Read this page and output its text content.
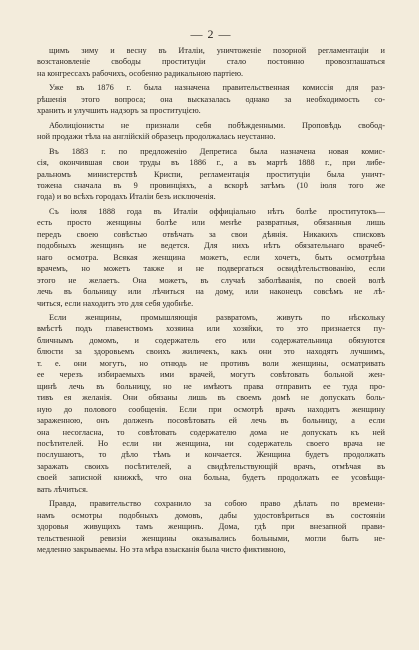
— 2 —
щимъ зиму и весну въ Италіи, уничтоженіе позорной регламентаціи и
возстановленіе свободы проституціи стало постоянно провозглашаться
на конгрессахъ рабочихъ, особенно радикальною партіею.
Уже въ 1876 г. была назначена правительственная комиссія для раз-
рѣшенія этого вопроса; она высказалась однако за необходимость со-
хранить и улучшить надзоръ за проституцією.
Аболиціонисты не признали себя побѣжденными. Проповѣдь свобод-
ной продажи тѣла на англійскій образецъ продолжалась неустанно.
Въ 1883 г. по предложенію Депретиса была назначена новая комис-
сія, окончившая свои труды въ 1886 г., а въ мартѣ 1888 г., при либе-
ральномъ министерствѣ Криспи, регламентація проституціи была уничт-
тожена сначала въ 9 провинціяхъ, а вскорѣ затѣмъ (10 іюля того же
года) и во всѣхъ городахъ Италіи безъ исключенія.
Съ іюля 1888 года въ Италіи оффиціально нѣтъ болѣе проститутокъ—
есть просто женщины болѣе или менѣе развратныя, обязанныя лишь
передъ своею совѣстью отвѣчать за свои дѣянія. Никакихъ списковъ
подобныхъ женщинъ не ведется. Для нихъ нѣтъ обязательнаго врачеб-
наго осмотра. Всякая женщина можетъ, если хочетъ, быть осмотрѣна
врачемъ, но можетъ также и не подвергаться освидѣтельствованію, если
этого не желаетъ. Она можетъ, въ случаѣ заболѣванія, по своей волѣ
лечь въ больницу или лѣчиться на дому, или наконецъ совсѣмъ не лѣ-
читься, если находитъ это для себя удобнѣе.
Если женщины, промышляющія развратомъ, живутъ по нѣскольку
вмѣстѣ подъ главенствомъ хозяина или хозяйки, то это признается пу-
бличнымъ домомъ, и содержатель его или содержательница обязуются
блюсти за здоровьемъ своихъ жиличекъ, какъ они это находятъ лучшимъ,
т. е. они могутъ, но отнюдь не противъ воли женщины, осматривать
ее черезъ избираемыхъ ими врачей, могутъ совѣтовать больной жен-
щинѣ лечь въ больницу, но не имѣютъ права отправить ее туда про-
тивъ ея желанія. Они обязаны лишь въ своемъ домѣ не допускать боль-
ную до полового сообщенія. Если при осмотрѣ врачъ находитъ женщину
зараженною, онъ долженъ посовѣтовать ей лечь въ больницу, а если
она несогласна, то совѣтовать содержателю дома не допускать къ ней
посѣтителей. Но если ни женщина, ни содержатель своего врача не
послушаютъ, то дѣло тѣмъ и кончается. Женщина будетъ продолжать
заражать своихъ посѣтителей, а свидѣтельствующій врачъ, отмѣчая въ
своей записной книжкѣ, что она больна, будетъ продолжать ее усовѣщи-
вать лѣчиться.
Правда, правительство сохранило за собою право дѣлать по времени-
намъ осмотры подобныхъ домовъ, дабы удостовѣриться въ состояніи
здоровья живущихъ тамъ женщинъ. Дома, гдѣ при внезапной прави-
тельственной ревизіи женщины оказывались больными, могли быть не-
медленно закрываемы. Но эта мѣра взысканія была чисто фиктивною,
